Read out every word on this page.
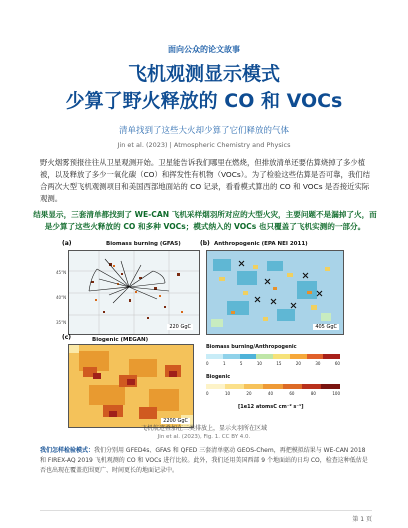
面向公众的论文故事
飞机观测显示模式
少算了野火释放的 CO 和 VOCs
清单找到了这些大火却少算了它们释放的气体
Jin et al. (2023) | Atmospheric Chemistry and Physics
野火烟雾预报往往从卫星观测开始。卫星能告诉我们哪里在燃烧，但排放清单还要估算烧掉了多少植被，以及释放了多少一氧化碳（CO）和挥发性有机物（VOCs）。为了检验这些估算是否可靠，我们结合两次大型飞机观测项目和美国西部地面站的 CO 记录，看看模式算出的 CO 和 VOCs 是否接近实际观测。
结果显示，三套清单都找到了 WE-CAN 飞机采样烟羽所对应的大型火灾，主要问题不是漏掉了火，而是少算了这些火释放的 CO 和多种 VOCs；模式纳入的 VOCs 也只覆盖了飞机实测的一部分。
(a)	Biomass burning (GFAS)
220 GgC
45°N
40°N
35°N
(b) Anthropogenic (EPA NEI 2011)
405 GgC
(c)	Biogenic (MEGAN)
2200 GgC
Biomass burning/Anthropogenic
0	1	5	10	15	20	30	60
Biogenic
0	10	20	40	60	80	100
[1e12 atomsC cm⁻² s⁻¹]
飞机航迹叠加在三类排放上，显示火羽所在区域
Jin et al. (2023), Fig. 1. CC BY 4.0.
我们怎样检验模式：我们分别用 GFED4s、GFAS 和 QFED 三套清单驱动 GEOS-Chem，再把模拟结果与 WE-CAN 2018 和 FIREX-AQ 2019 飞机观测的 CO 和 VOCs 进行比较。此外，我们还用美国西部 9 个地面站的日均 CO，检查这种低估是否也出现在覆盖范围更广、时间更长的地面记录中。
第 1 页
